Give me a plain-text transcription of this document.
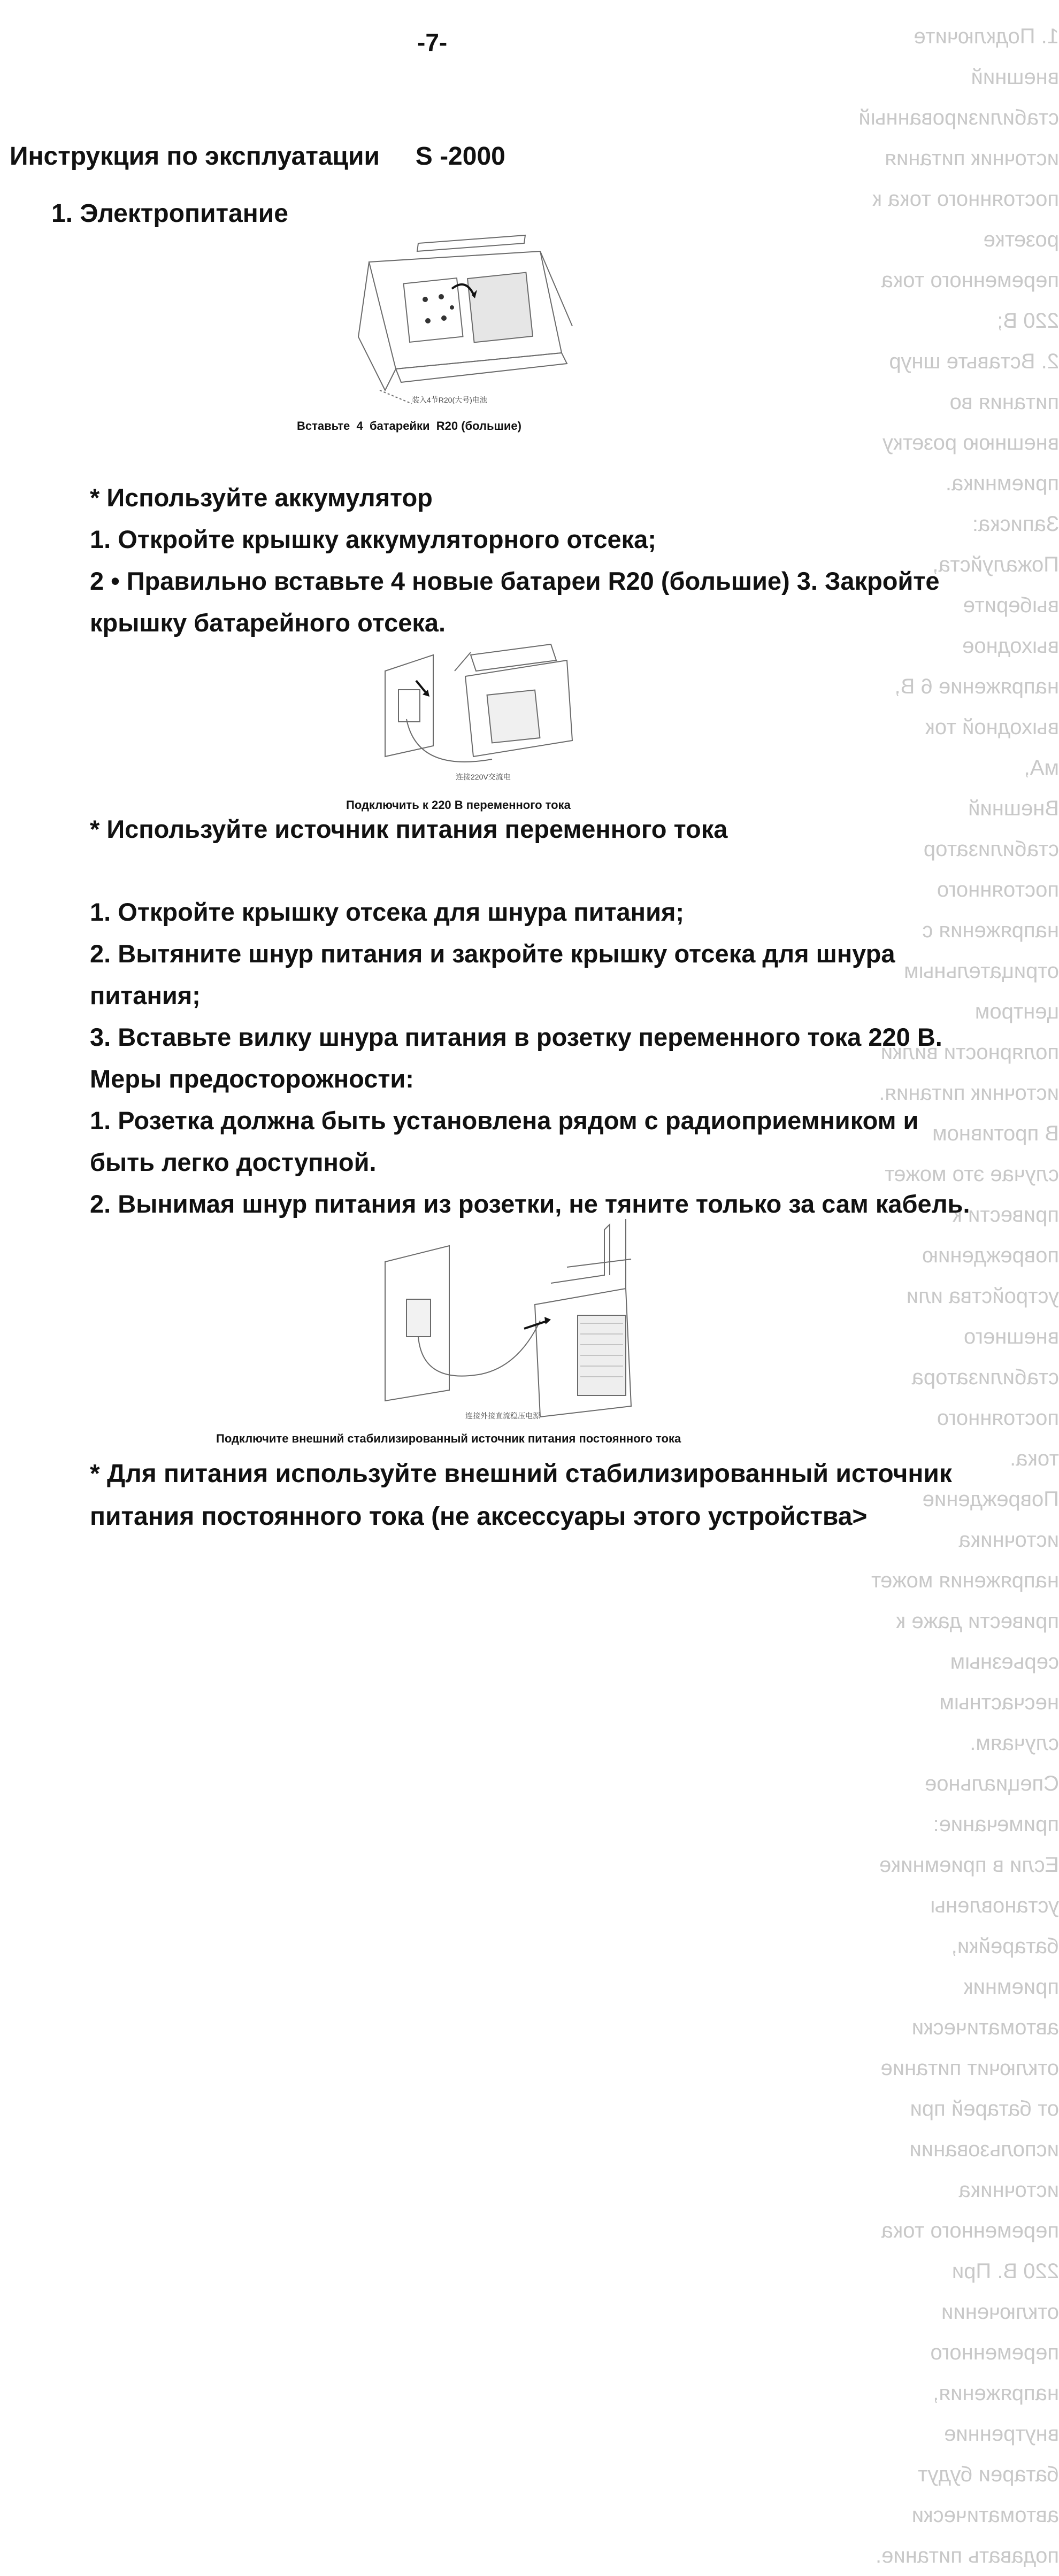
1. Подключите внешний стабилизированный источник питания
постоянного тока к розетке переменного тока 220 В;
2. Вставьте шнур питания во внешнюю розетку приемника.
Записка:
Пожалуйста, выберите выходное напряжение 6 В, выходной ток
мА,
Внешний стабилизатор постоянного напряжения с отрицательным
центром полярности вилки
источник питания. В противном случае это может привести к
повреждению устройства или внешнего стабилизатора постоянного
тока.
Повреждение источника напряжения может привести даже к
серьезным несчастным случаям.
Специальное примечание:
Если в приемнике установлены батарейки, приемник автоматически
отключит питание от батарей при использовании
источника переменного тока 220 В. При отключении переменного
напряжения, внутренние батареи будут автоматически
подавать питание.
-7-
Инструкция по эксплуатации     S -2000
1. Электропитание
装入4节R20(大号)电池
Вставьте  4  батарейки  R20 (большие)
* Используйте аккумулятор
1. Откройте крышку аккумуляторного отсека;
2 • Правильно вставьте 4 новые батареи R20 (большие) 3. Закройте
крышку батарейного отсека.
连接220V交流电
Подключить к 220 В переменного тока
* Используйте источник питания переменного тока
1. Откройте крышку отсека для шнура питания;
2. Вытяните шнур питания и закройте крышку отсека для шнура
питания;
3. Вставьте вилку шнура питания в розетку переменного тока 220 В.
Меры предосторожности:
1. Розетка должна быть установлена рядом с радиоприемником и
быть легко доступной.
2. Вынимая шнур питания из розетки, не тяните только за сам кабель.
连接外接直流稳压电源
Подключите внешний стабилизированный источник питания постоянного тока
* Для питания используйте внешний стабилизированный источник
питания постоянного тока (не аксессуары этого устройства>
